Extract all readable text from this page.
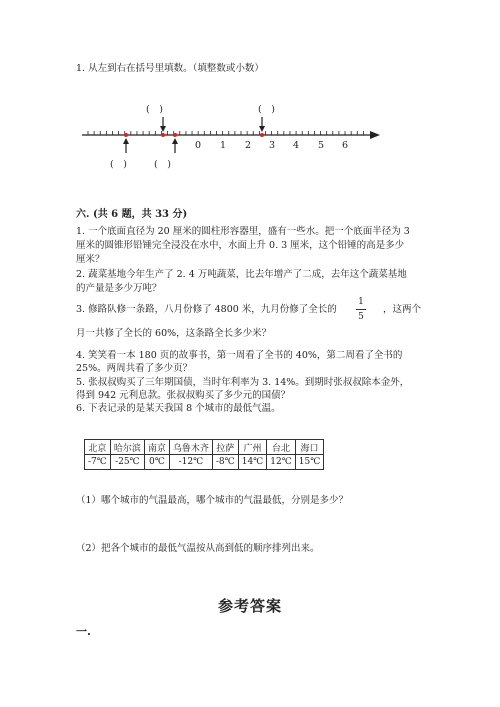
1. 从左到右在括号里填数。（填整数或小数）
(　)	(　)
(　)	(　)
0 1 2 3 4 5 6
六. (共 6 题，共 33 分)
1. 一个底面直径为 20 厘米的圆柱形容器里，盛有一些水。把一个底面半径为 3
厘米的圆锥形铅锤完全浸没在水中，水面上升 0. 3 厘米，这个铅锤的高是多少
厘米？
2. 蔬菜基地今年生产了 2. 4 万吨蔬菜，比去年增产了二成，去年这个蔬菜基地
的产量是多少万吨？
3. 修路队修一条路，八月份修了 4800 米，九月份修了全长的
1
5
，这两个
月一共修了全长的 60%，这条路全长多少米？
4. 笑笑看一本 180 页的故事书，第一周看了全书的 40%，第二周看了全书的
25%。两周共看了多少页？
5. 张叔叔购买了三年期国债，当时年利率为 3. 14%。到期时张叔叔除本金外，
得到 942 元利息款。张叔叔购买了多少元的国债？
6. 下表记录的是某天我国 8 个城市的最低气温。
北京	哈尔滨	南京	乌鲁木齐	拉萨	广州	台北	海口
-7℃	-25℃	0℃	-12℃	-8℃	14℃	12℃	15℃
（1）哪个城市的气温最高，哪个城市的气温最低，分别是多少？
（2）把各个城市的最低气温按从高到低的顺序排列出来。
参考答案
一.
